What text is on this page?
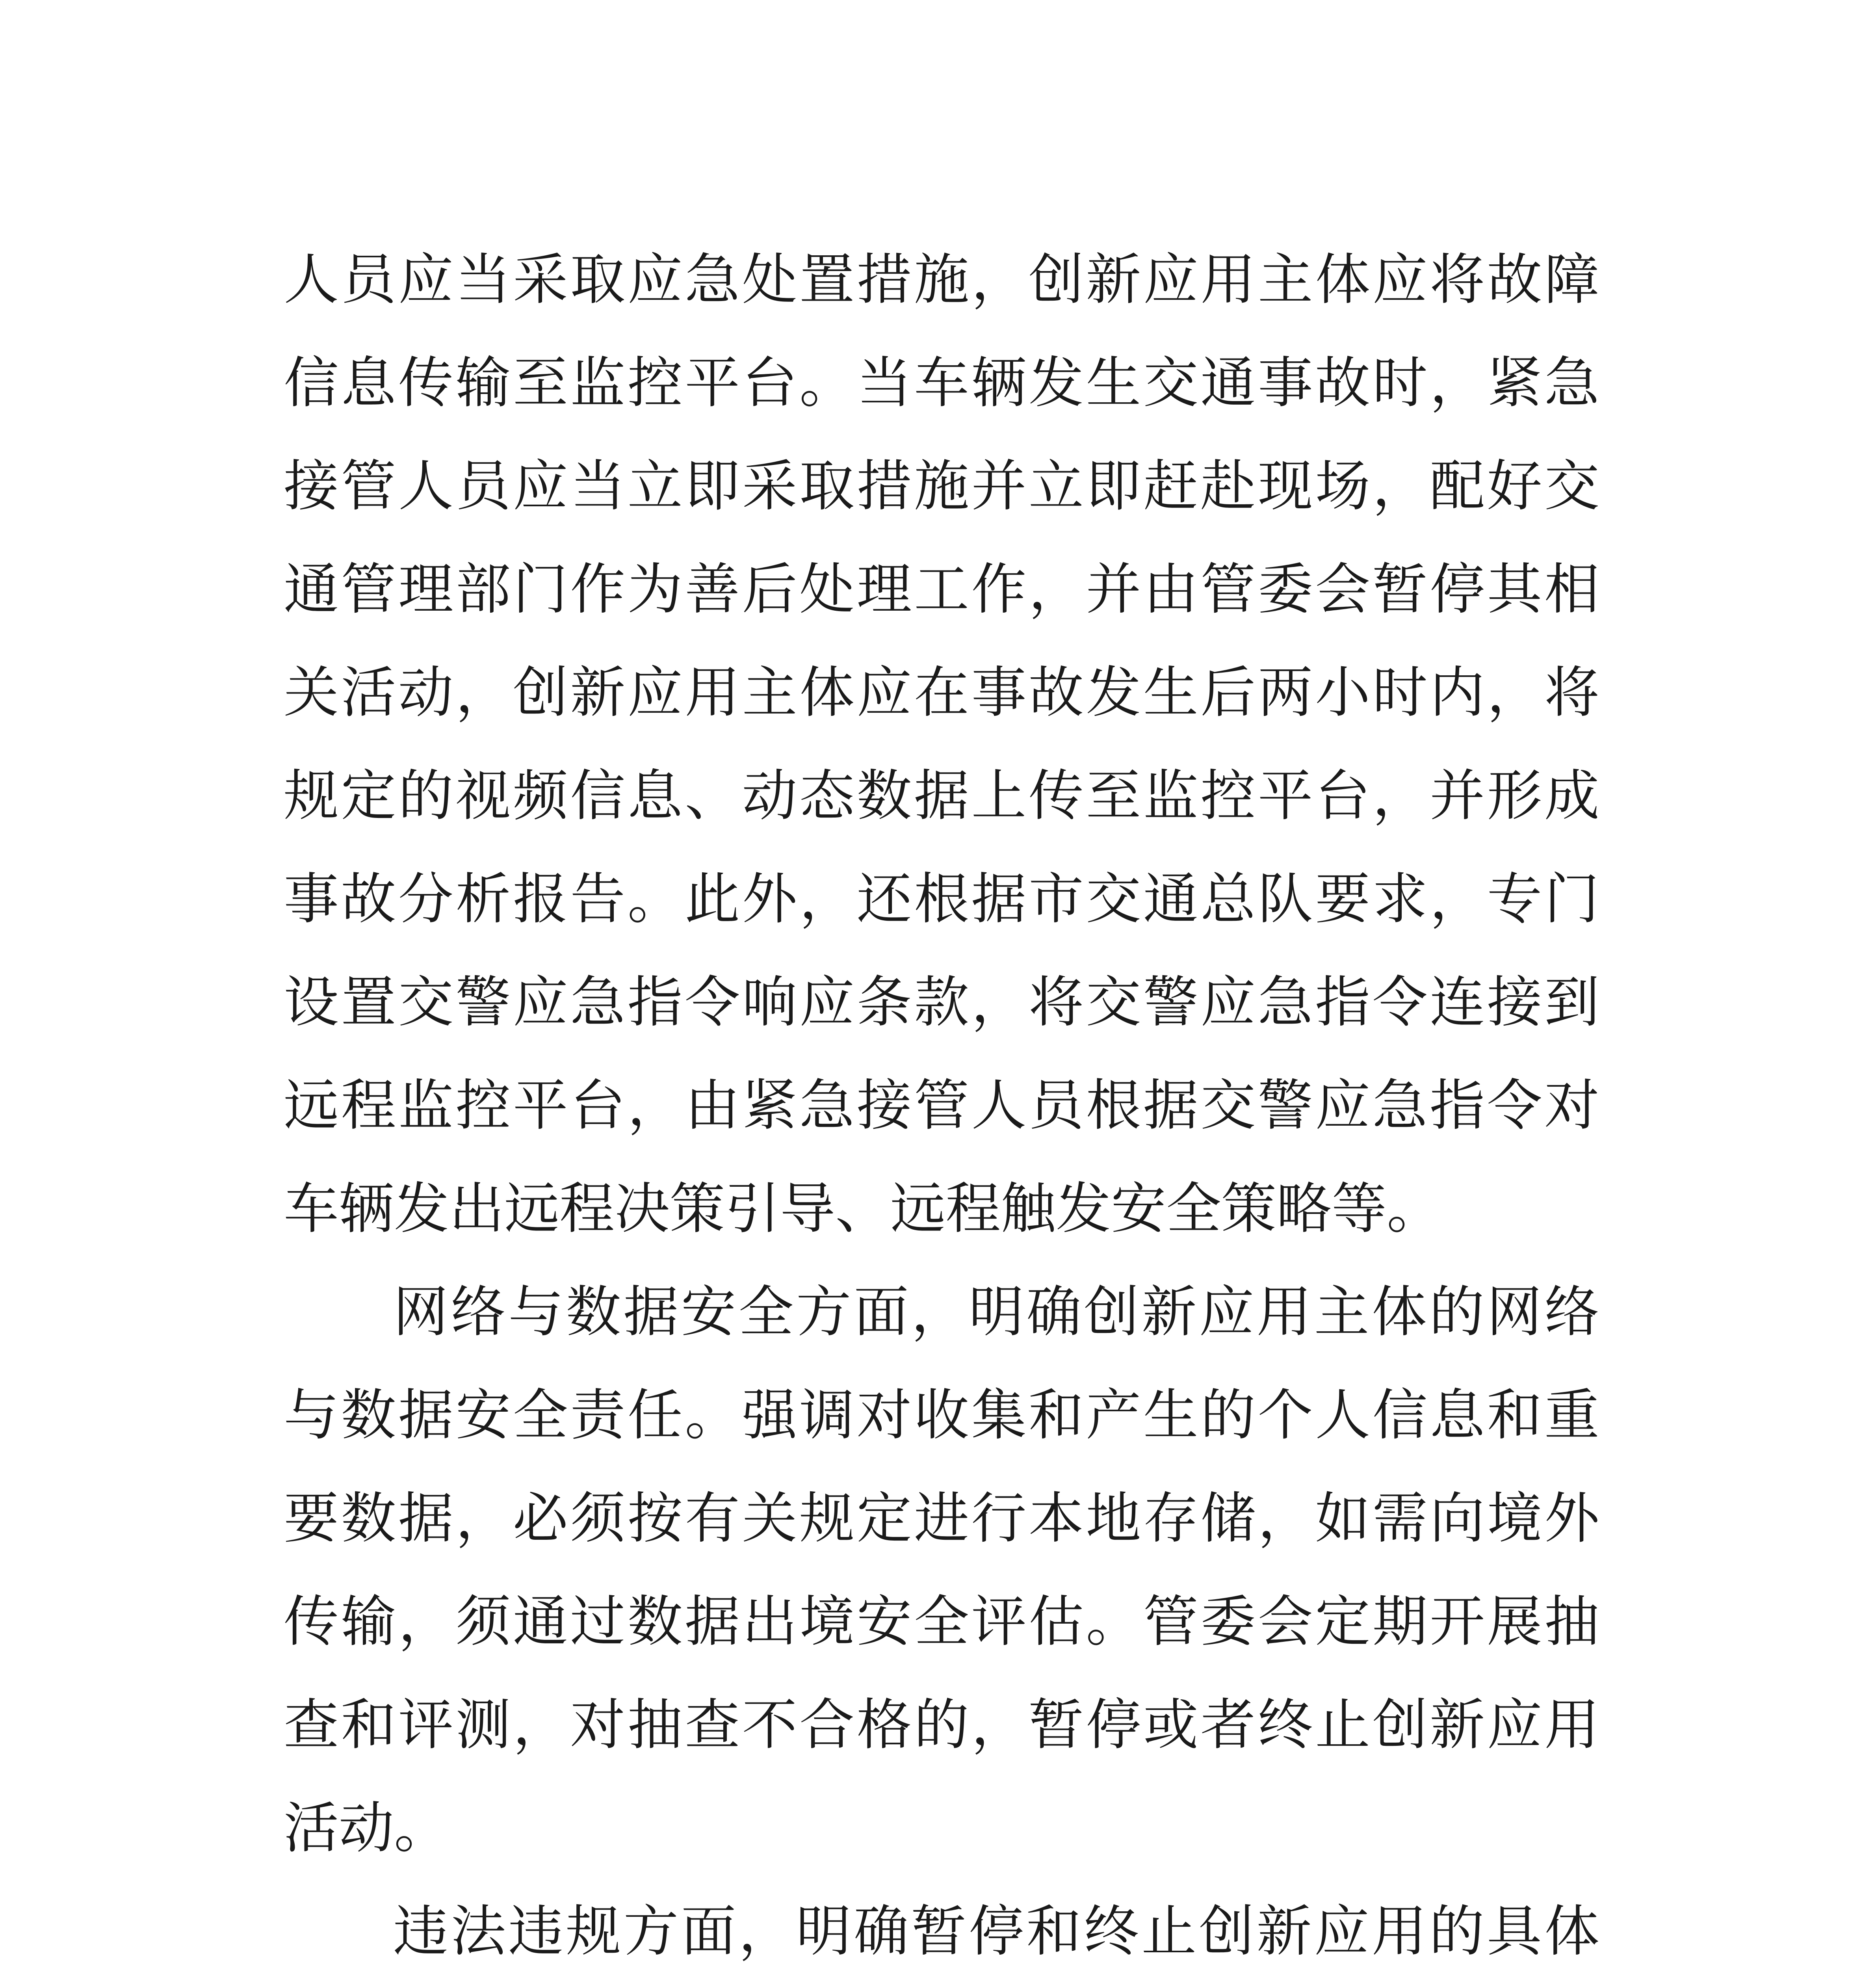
人员应当采取应急处置措施，创新应用主体应将故障
信息传输至监控平台。当车辆发生交通事故时，紧急
接管人员应当立即采取措施并立即赶赴现场，配好交
通管理部门作为善后处理工作，并由管委会暂停其相
关活动，创新应用主体应在事故发生后两小时内，将
规定的视频信息、动态数据上传至监控平台，并形成
事故分析报告。此外，还根据市交通总队要求，专门
设置交警应急指令响应条款，将交警应急指令连接到
远程监控平台，由紧急接管人员根据交警应急指令对
车辆发出远程决策引导、远程触发安全策略等。
网络与数据安全方面，明确创新应用主体的网络
与数据安全责任。强调对收集和产生的个人信息和重
要数据，必须按有关规定进行本地存储，如需向境外
传输，须通过数据出境安全评估。管委会定期开展抽
查和评测，对抽查不合格的，暂停或者终止创新应用
活动。
违法违规方面，明确暂停和终止创新应用的具体
